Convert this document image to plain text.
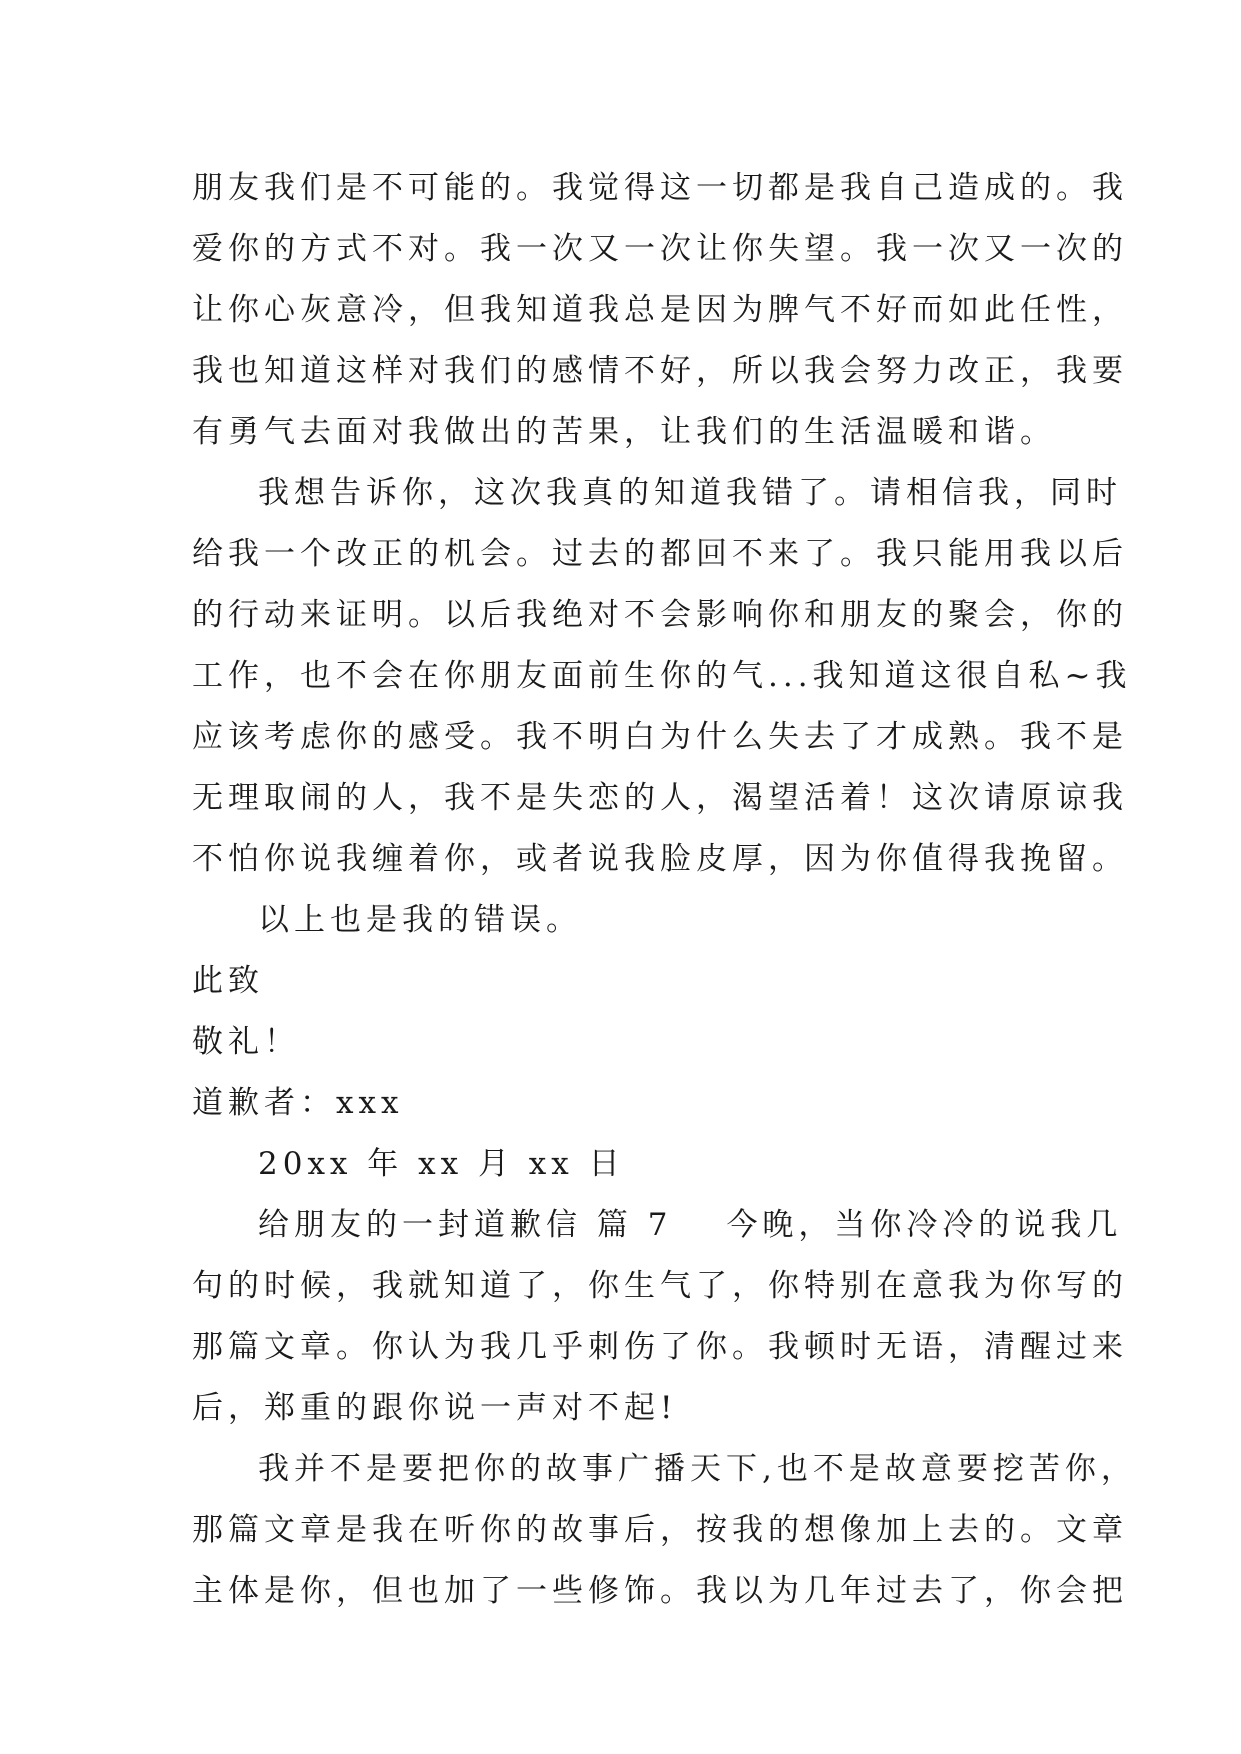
朋友我们是不可能的。我觉得这一切都是我自己造成的。我
爱你的方式不对。我一次又一次让你失望。我一次又一次的
让你心灰意冷，但我知道我总是因为脾气不好而如此任性，
我也知道这样对我们的感情不好，所以我会努力改正，我要
有勇气去面对我做出的苦果，让我们的生活温暖和谐。
我想告诉你，这次我真的知道我错了。请相信我，同时
给我一个改正的机会。过去的都回不来了。我只能用我以后
的行动来证明。以后我绝对不会影响你和朋友的聚会，你的
工作，也不会在你朋友面前生你的气...我知道这很自私~我
应该考虑你的感受。我不明白为什么失去了才成熟。我不是
无理取闹的人，我不是失恋的人，渴望活着！这次请原谅我
不怕你说我缠着你，或者说我脸皮厚，因为你值得我挽留。
以上也是我的错误。
此致
敬礼！
道歉者：xxx
20xx 年 xx 月 xx 日
给朋友的一封道歉信 篇 7 今晚，当你冷冷的说我几
句的时候，我就知道了，你生气了，你特别在意我为你写的
那篇文章。你认为我几乎刺伤了你。我顿时无语，清醒过来
后，郑重的跟你说一声对不起!
我并不是要把你的故事广播天下,也不是故意要挖苦你，
那篇文章是我在听你的故事后，按我的想像加上去的。文章
主体是你，但也加了一些修饰。我以为几年过去了，你会把
